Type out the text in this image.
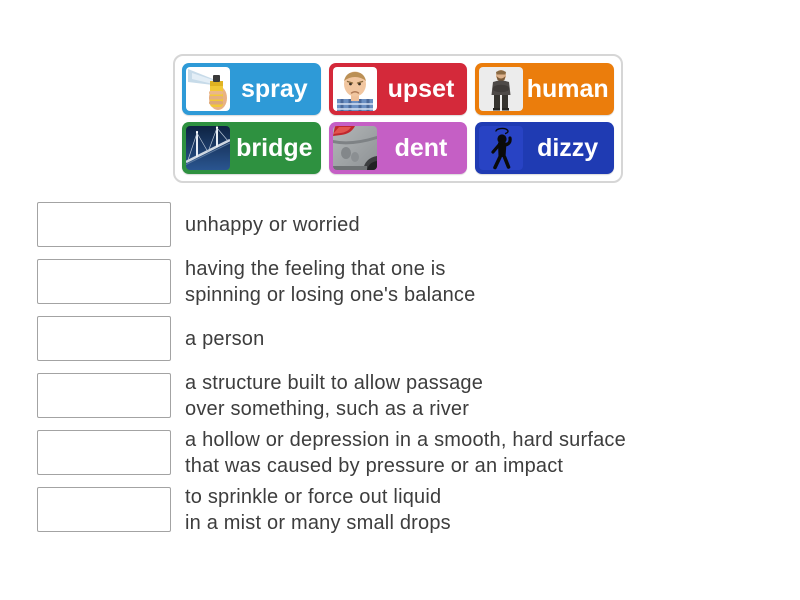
spray	upset	human
bridge	dent	dizzy
unhappy or worried
having the feeling that one is
spinning or losing one's balance
a person
a structure built to allow passage
over something, such as a river
a hollow or depression in a smooth, hard surface
that was caused by pressure or an impact
to sprinkle or force out liquid
in a mist or many small drops
